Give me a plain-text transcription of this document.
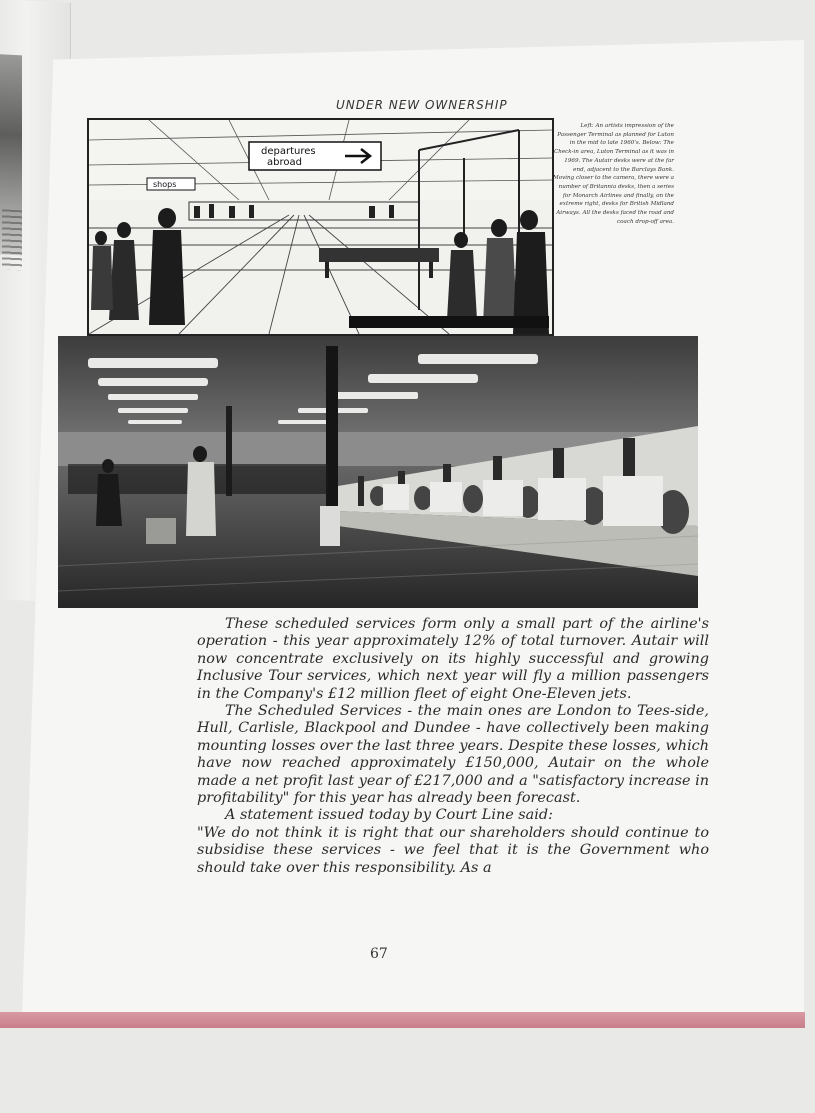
UNDER NEW OWNERSHIP
departures
abroad
shops
Left: An artists impression of the Passenger Terminal as planned for Luton in the mid to late 1960's. Below: The Check-in area, Luton Terminal as it was in 1969. The Autair desks were at the far end, adjacent to the Barclays Bank. Moving closer to the camera, there were a number of Britannia desks, then a series for Monarch Airlines and finally, on the extreme right, desks for British Midland Airways. All the desks faced the road and coach drop-off area.

These scheduled services form only a small part of the airline's operation - this year approximately 12% of total turnover. Autair will now concentrate exclusively on its highly successful and growing Inclusive Tour services, which next year will fly a million passengers in the Company's £12 million fleet of eight One-Eleven jets.

The Scheduled Services - the main ones are London to Tees-side, Hull, Carlisle, Blackpool and Dundee - have collectively been making mounting losses over the last three years. Despite these losses, which have now reached approximately £150,000, Autair on the whole made a net profit last year of £217,000 and a "satisfactory increase in profitability" for this year has already been forecast.

A statement issued today by Court Line said:

"We do not think it is right that our shareholders should continue to subsidise these services - we feel that it is the Government who should take over this responsibility. As a

67
